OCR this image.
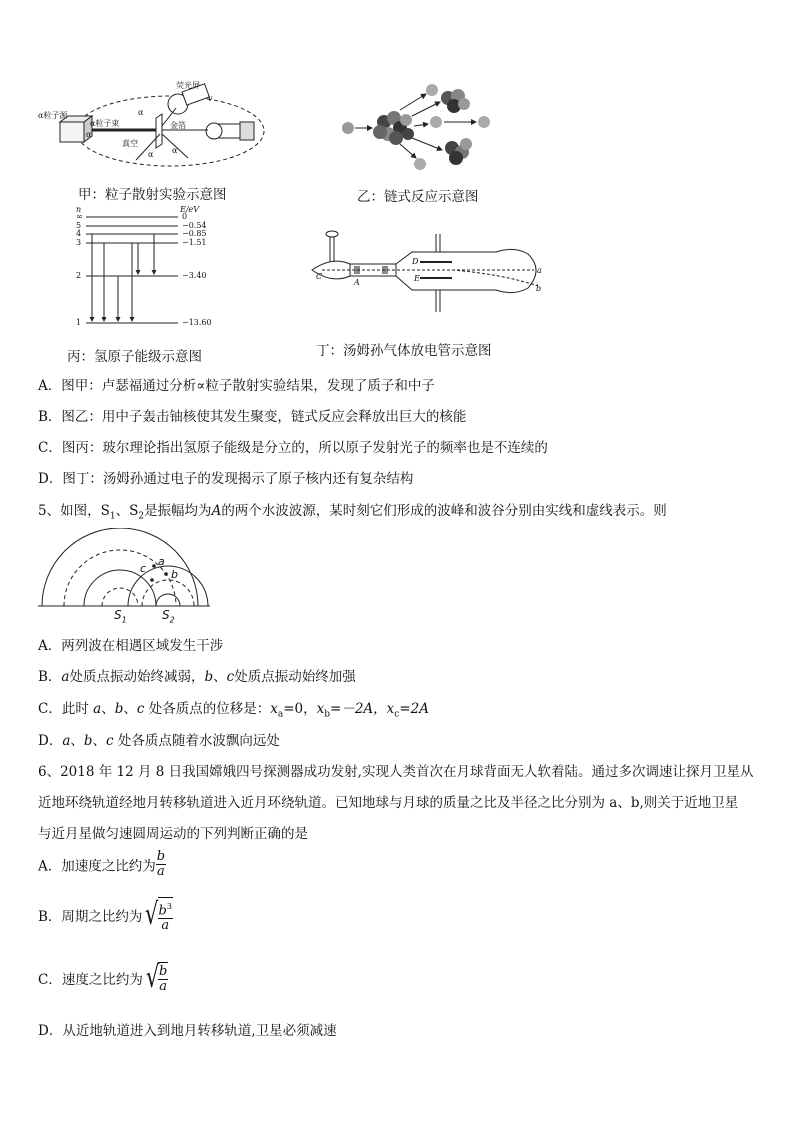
α粒子源
α粒子束
荧光屏
金箔
真空
α
α α
α
v
甲：粒子散射实验示意图	乙：链式反应示意图
n	E/eV
∞	0
5	−0.54
4	−0.85
3	−1.51
2	−3.40
1	−13.60
丙：氢原子能级示意图
C
A
D
E
a
b
丁：汤姆孙气体放电管示意图
A．图甲：卢瑟福通过分析∝粒子散射实验结果，发现了质子和中子
B．图乙：用中子轰击铀核使其发生聚变，链式反应会释放出巨大的核能
C．图丙：玻尔理论指出氢原子能级是分立的，所以原子发射光子的频率也是不连续的
D．图丁：汤姆孙通过电子的发现揭示了原子核内还有复杂结构
5、如图，$S_1$、$S_2$是振幅均为A的两个水波波源，某时刻它们形成的波峰和波谷分别由实线和虚线表示。则
a
b
c
$S_1$	$S_2$
A．两列波在相遇区域发生干涉
B．a处质点振动始终减弱，b、c处质点振动始终加强
C．此时 a、b、c 处各质点的位移是：$x_a=0$，$x_b=-2A$，$x_c=2A$
D．a、b、c 处各质点随着水波飘向远处
6、2018 年 12 月 8 日我国嫦娥四号探测器成功发射,实现人类首次在月球背面无人软着陆。通过多次调速让探月卫星从
近地环绕轨道经地月转移轨道进入近月环绕轨道。已知地球与月球的质量之比及半径之比分别为 a、b,则关于近地卫星
与近月星做匀速圆周运动的下列判断正确的是
A．加速度之比约为 $\frac{b}{a}$
B．周期之比约为√
$\frac{b^3}{a}$
C．速度之比约为√
$\frac{b}{a}$
D．从近地轨道进入到地月转移轨道,卫星必须减速
